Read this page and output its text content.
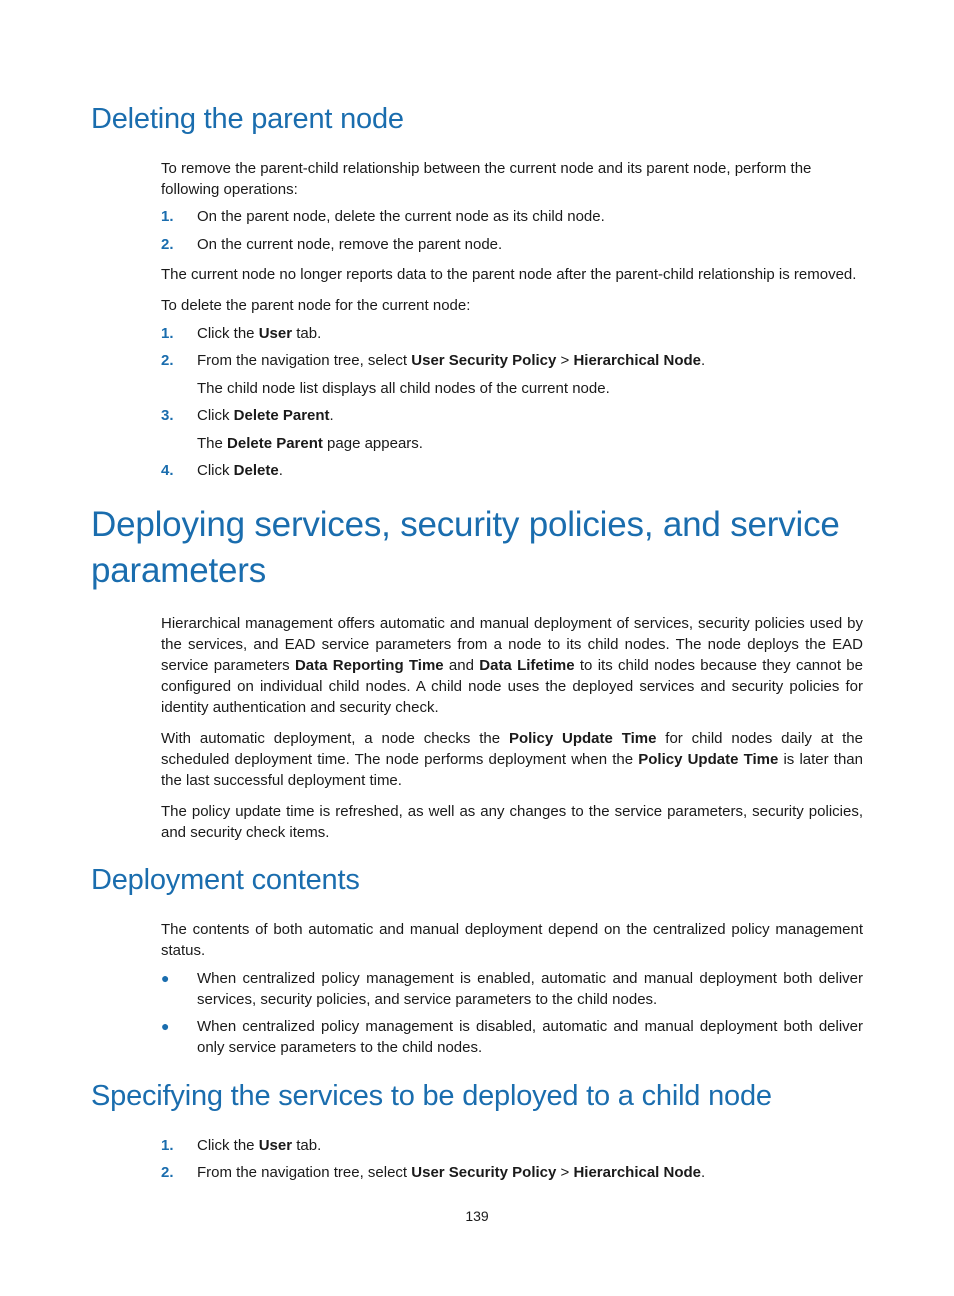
Deleting the parent node

To remove the parent-child relationship between the current node and its parent node, perform the following operations:

1. On the parent node, delete the current node as its child node.
2. On the current node, remove the parent node.

The current node no longer reports data to the parent node after the parent-child relationship is removed.

To delete the parent node for the current node:

1. Click the User tab.
2. From the navigation tree, select User Security Policy > Hierarchical Node.
The child node list displays all child nodes of the current node.
3. Click Delete Parent.
The Delete Parent page appears.
4. Click Delete.
Deploying services, security policies, and service
parameters

Hierarchical management offers automatic and manual deployment of services, security policies used by the services, and EAD service parameters from a node to its child nodes. The node deploys the EAD service parameters Data Reporting Time and Data Lifetime to its child nodes because they cannot be configured on individual child nodes. A child node uses the deployed services and security policies for identity authentication and security check.

With automatic deployment, a node checks the Policy Update Time for child nodes daily at the scheduled deployment time. The node performs deployment when the Policy Update Time is later than the last successful deployment time.

The policy update time is refreshed, as well as any changes to the service parameters, security policies, and security check items.

Deployment contents

The contents of both automatic and manual deployment depend on the centralized policy management status.

● When centralized policy management is enabled, automatic and manual deployment both deliver services, security policies, and service parameters to the child nodes.
● When centralized policy management is disabled, automatic and manual deployment both deliver only service parameters to the child nodes.
Specifying the services to be deployed to a child node
1. Click the User tab.
2. From the navigation tree, select User Security Policy > Hierarchical Node.
139
